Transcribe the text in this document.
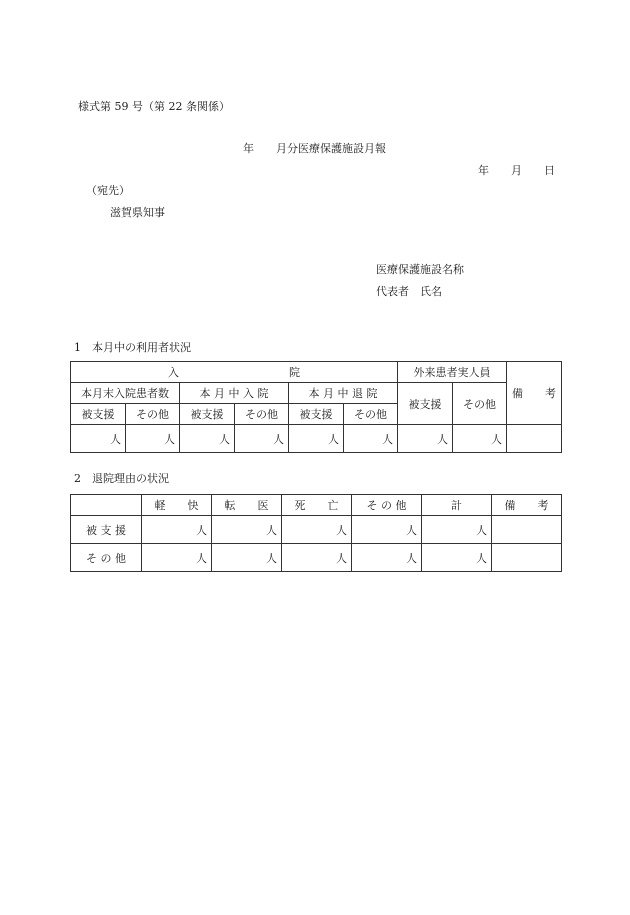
様式第 59 号（第 22 条関係）
年　　月分医療保護施設月報
年　　月　　日
（宛先）
滋賀県知事
医療保護施設名称
代表者　氏名
1　本月中の利用者状況
入　　　　　　　　　　院						外来患者実人員		備　　考
本月末入院患者数		本 月 中 入 院		本 月 中 退 院		被支援	その他	
被支援	その他	被支援	その他	被支援	その他			
人	人	人	人	人	人	人	人	
2　退院理由の状況
	軽　　快	転　　医	死　　亡	そ の 他	計	備　　考
被 支 援	人	人	人	人	人	
そ の 他	人	人	人	人	人	
